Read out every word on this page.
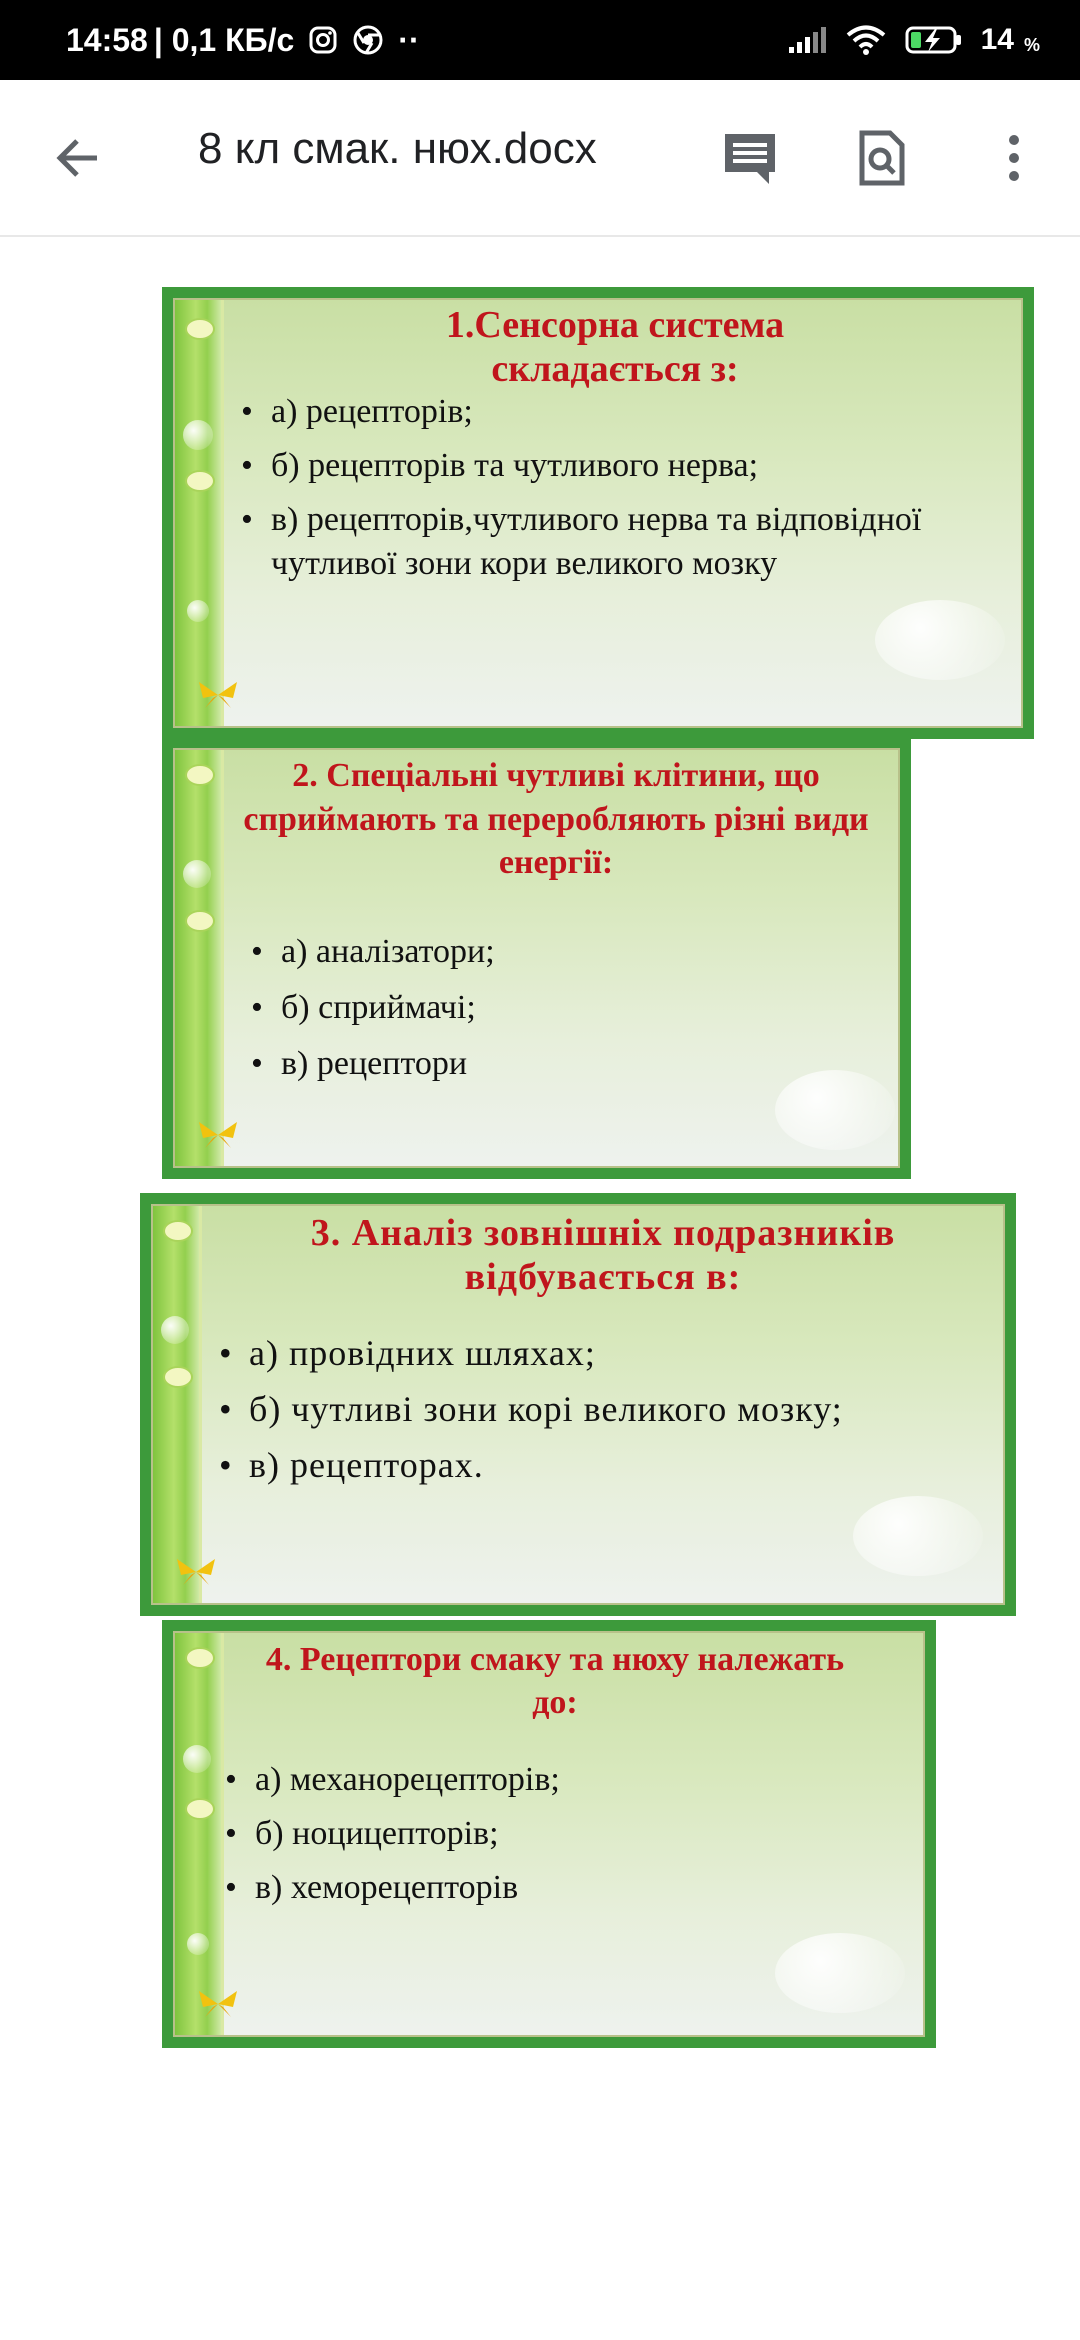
14:58 | 0,1 КБ/с	··	14 %
8 кл смак. нюх.docx
1.Сенсорна система складається з:
• а) рецепторів;
• б) рецепторів та чутливого нерва;
• в) рецепторів,чутливого нерва та відповідної чутливої зони кори великого мозку
2. Спеціальні чутливі клітини, що сприймають та переробляють різні види енергії:
• а) аналізатори;
• б) сприймачі;
• в) рецептори
3. Аналіз зовнішніх подразників відбувається в:
• а) провідних шляхах;
• б) чутливі зони корі великого мозку;
• в) рецепторах.
4. Рецептори смаку та нюху належать до:
• а) механорецепторів;
• б) ноцицепторів;
• в) хеморецепторів
